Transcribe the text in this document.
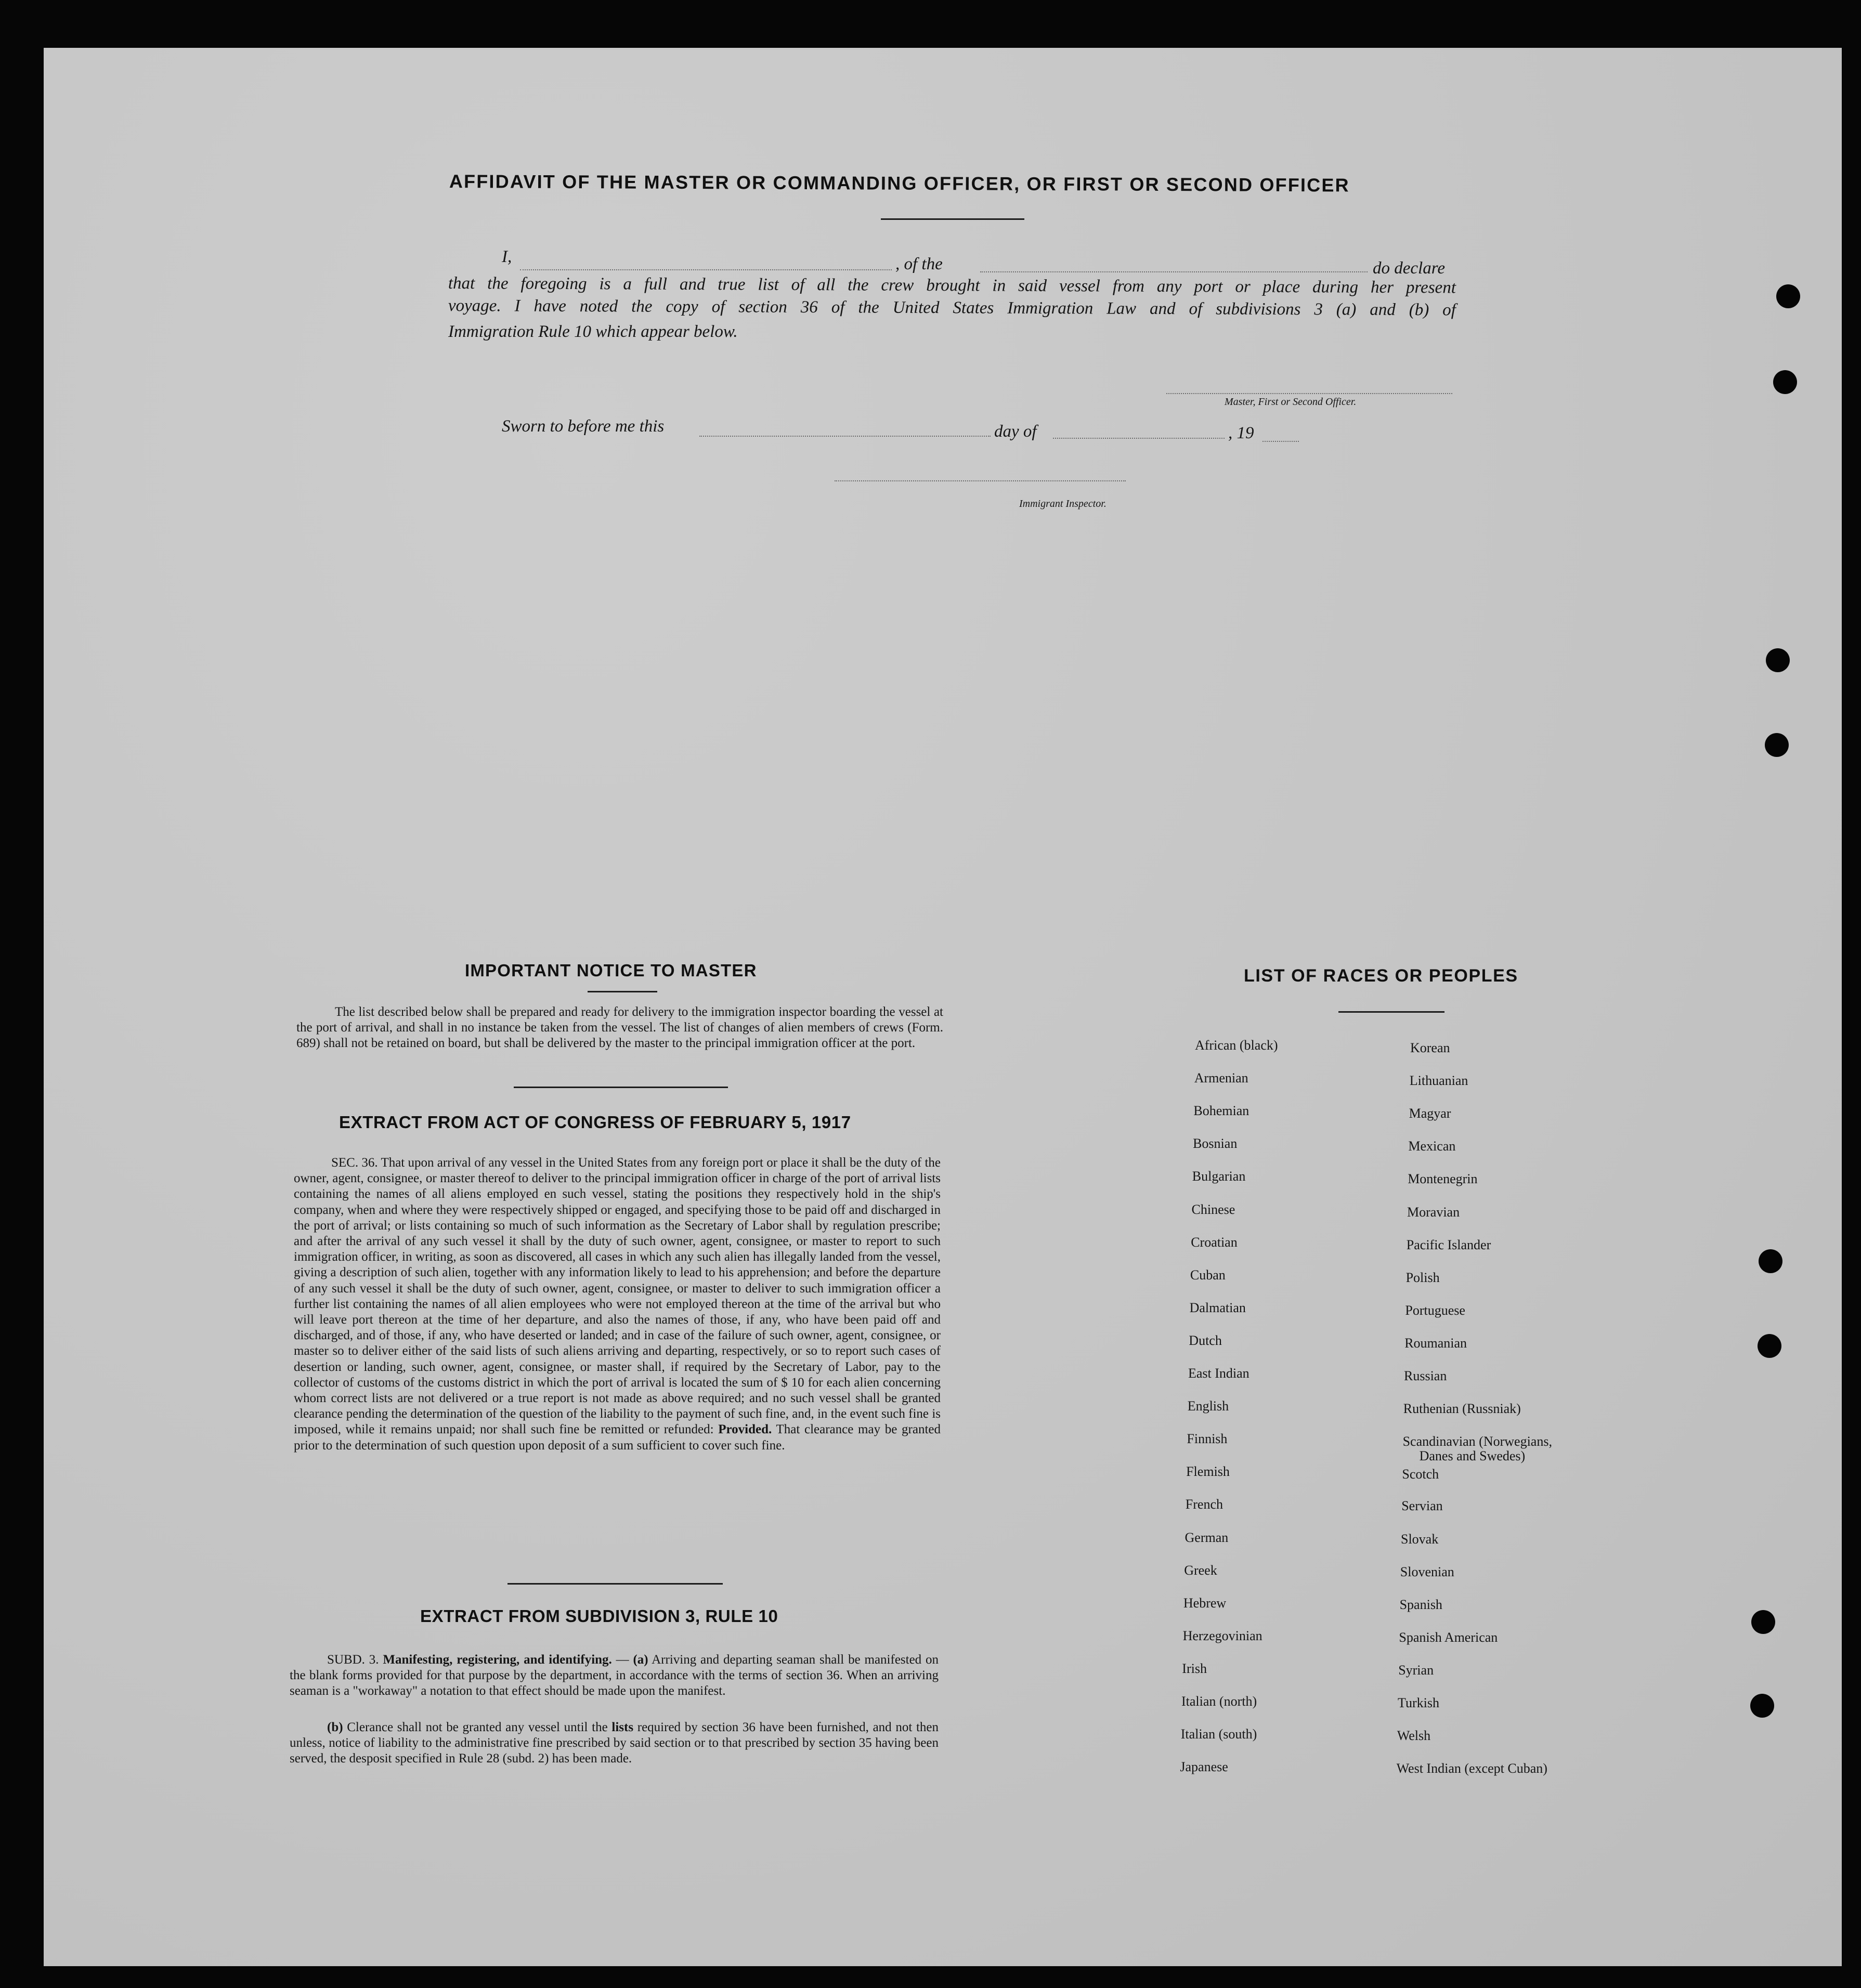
AFFIDAVIT OF THE MASTER OR COMMANDING OFFICER, OR FIRST OR SECOND OFFICER
I,	, of the	do declare
that the foregoing is a full and true list of all the crew brought in said vessel from any port or place during her present
voyage. I have noted the copy of section 36 of the United States Immigration Law and of subdivisions 3 (a) and (b) of
Immigration Rule 10 which appear below.
Master, First or Second Officer.
Sworn to before me this	day of	, 19
Immigrant Inspector.
IMPORTANT NOTICE TO MASTER
The list described below shall be prepared and ready for delivery to the immigration inspector boarding the vessel at the port of arrival, and shall in no instance be taken from the vessel. The list of changes of alien members of crews (Form. 689) shall not be retained on board, but shall be delivered by the master to the principal immigration officer at the port.
EXTRACT FROM ACT OF CONGRESS OF FEBRUARY 5, 1917
SEC. 36. That upon arrival of any vessel in the United States from any foreign port or place it shall be the duty of the owner, agent, consignee, or master thereof to deliver to the principal immigration officer in charge of the port of arrival lists containing the names of all aliens employed en such vessel, stating the positions they respectively hold in the ship's company, when and where they were respectively shipped or engaged, and specifying those to be paid off and discharged in the port of arrival; or lists containing so much of such information as the Secretary of Labor shall by regulation prescribe; and after the arrival of any such vessel it shall by the duty of such owner, agent, consignee, or master to report to such immigration officer, in writing, as soon as discovered, all cases in which any such alien has illegally landed from the vessel, giving a description of such alien, together with any information likely to lead to his apprehension; and before the departure of any such vessel it shall be the duty of such owner, agent, consignee, or master to deliver to such immigration officer a further list containing the names of all alien employees who were not employed thereon at the time of the arrival but who will leave port thereon at the time of her departure, and also the names of those, if any, who have been paid off and discharged, and of those, if any, who have deserted or landed; and in case of the failure of such owner, agent, consignee, or master so to deliver either of the said lists of such aliens arriving and departing, respectively, or so to report such cases of desertion or landing, such owner, agent, consignee, or master shall, if required by the Secretary of Labor, pay to the collector of customs of the customs district in which the port of arrival is located the sum of $ 10 for each alien concerning whom correct lists are not delivered or a true report is not made as above required; and no such vessel shall be granted clearance pending the determination of the question of the liability to the payment of such fine, and, in the event such fine is imposed, while it remains unpaid; nor shall such fine be remitted or refunded: Provided. That clearance may be granted prior to the determination of such question upon deposit of a sum sufficient to cover such fine.
EXTRACT FROM SUBDIVISION 3, RULE 10
SUBD. 3. Manifesting, registering, and identifying. — (a) Arriving and departing seaman shall be manifested on the blank forms provided for that purpose by the department, in accordance with the terms of section 36. When an arriving seaman is a "workaway" a notation to that effect should be made upon the manifest.
(b) Clerance shall not be granted any vessel until the lists required by section 36 have been furnished, and not then unless, notice of liability to the administrative fine prescribed by said section or to that prescribed by section 35 having been served, the desposit specified in Rule 28 (subd. 2) has been made.
LIST OF RACES OR PEOPLES
African (black)
Armenian
Bohemian
Bosnian
Bulgarian
Chinese
Croatian
Cuban
Dalmatian
Dutch
East Indian
English
Finnish
Flemish
French
German
Greek
Hebrew
Herzegovinian
Irish
Italian (north)
Italian (south)
Japanese
Korean
Lithuanian
Magyar
Mexican
Montenegrin
Moravian
Pacific Islander
Polish
Portuguese
Roumanian
Russian
Ruthenian (Russniak)
Scandinavian (Norwegians,
Danes and Swedes)
Scotch
Servian
Slovak
Slovenian
Spanish
Spanish American
Syrian
Turkish
Welsh
West Indian (except Cuban)
